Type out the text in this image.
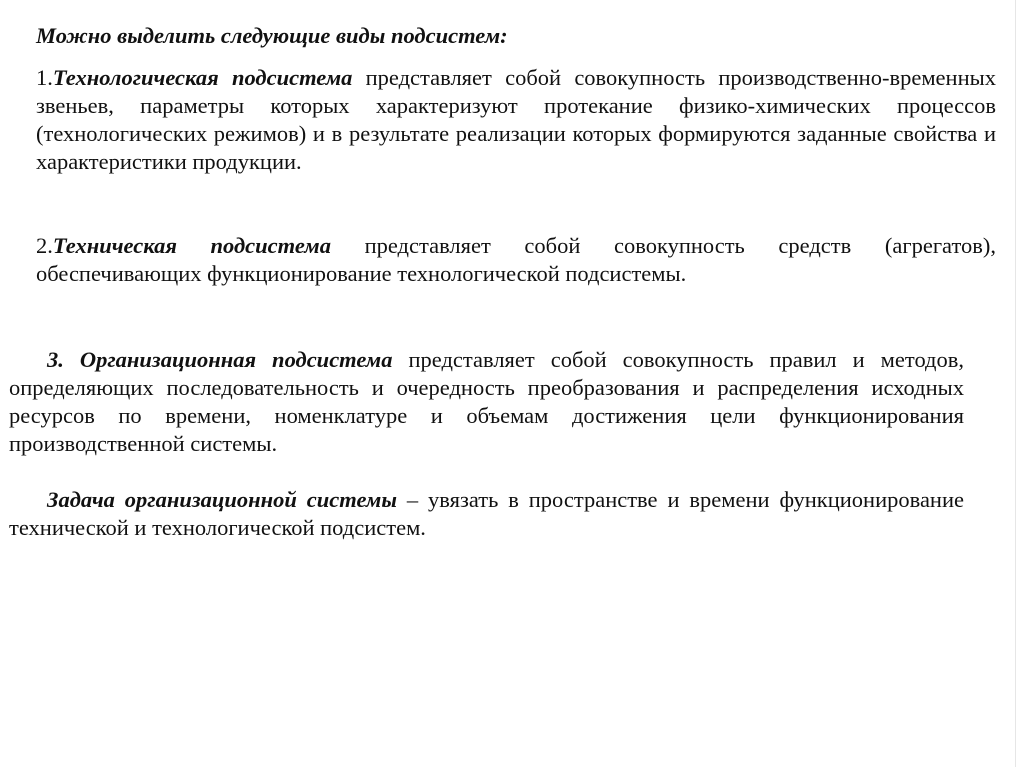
Можно выделить следующие виды подсистем:

1.Технологическая подсистема представляет собой совокупность производственно-временных звеньев, параметры которых характеризуют протекание физико-химических процессов (технологических режимов) и в результате реализации которых формируются заданные свойства и характеристики продукции.

2.Техническая подсистема представляет собой совокупность средств (агрегатов), обеспечивающих функционирование технологической подсистемы.

3. Организационная подсистема представляет собой совокупность правил и методов, определяющих последовательность и очередность преобразования и распределения исходных ресурсов по времени, номенклатуре и объемам достижения цели функционирования производственной системы.

Задача организационной системы – увязать в пространстве и времени функционирование технической и технологической подсистем.
